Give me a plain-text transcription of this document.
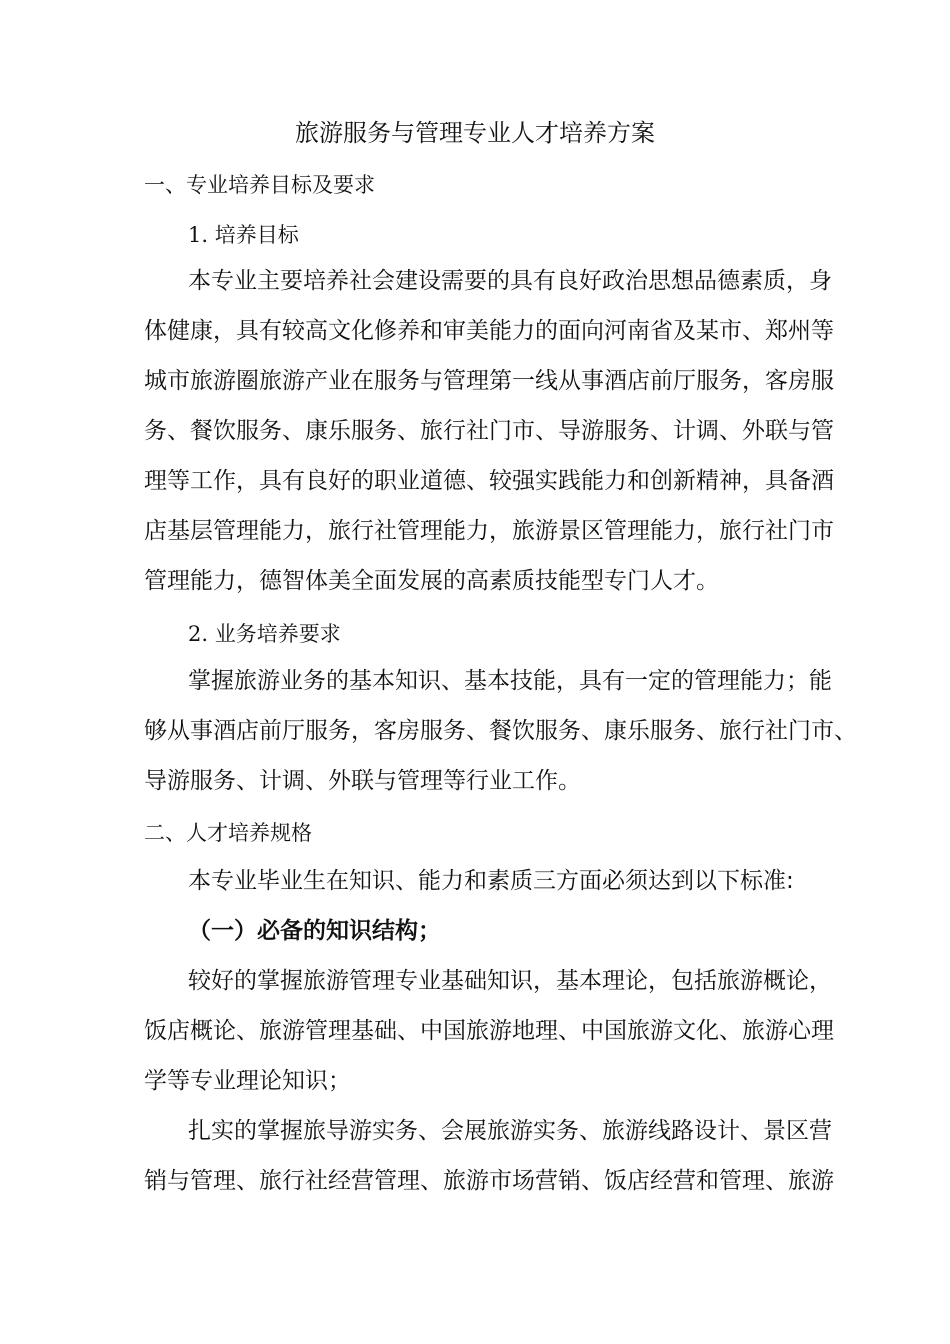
旅游服务与管理专业人才培养方案
一、专业培养目标及要求
1. 培养目标
本专业主要培养社会建设需要的具有良好政治思想品德素质，身
体健康，具有较高文化修养和审美能力的面向河南省及某市、郑州等
城市旅游圈旅游产业在服务与管理第一线从事酒店前厅服务，客房服
务、餐饮服务、康乐服务、旅行社门市、导游服务、计调、外联与管
理等工作，具有良好的职业道德、较强实践能力和创新精神，具备酒
店基层管理能力，旅行社管理能力，旅游景区管理能力，旅行社门市
管理能力，德智体美全面发展的高素质技能型专门人才。
2. 业务培养要求
掌握旅游业务的基本知识、基本技能，具有一定的管理能力；能
够从事酒店前厅服务，客房服务、餐饮服务、康乐服务、旅行社门市、
导游服务、计调、外联与管理等行业工作。
二、人才培养规格
本专业毕业生在知识、能力和素质三方面必须达到以下标准:
（一）必备的知识结构；
较好的掌握旅游管理专业基础知识，基本理论，包括旅游概论，
饭店概论、旅游管理基础、中国旅游地理、中国旅游文化、旅游心理
学等专业理论知识；
扎实的掌握旅导游实务、会展旅游实务、旅游线路设计、景区营
销与管理、旅行社经营管理、旅游市场营销、饭店经营和管理、旅游
